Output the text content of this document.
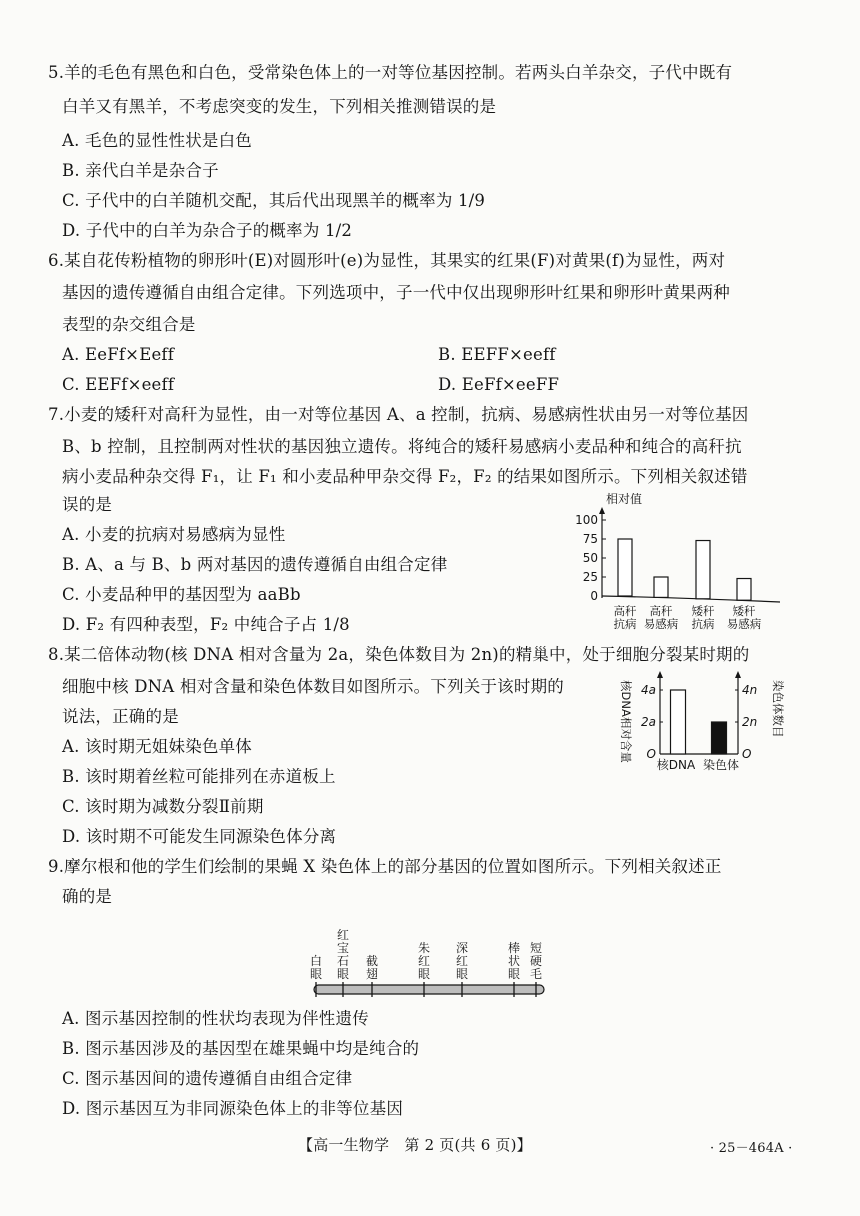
5.羊的毛色有黑色和白色，受常染色体上的一对等位基因控制。若两头白羊杂交，子代中既有
白羊又有黑羊，不考虑突变的发生，下列相关推测错误的是
A. 毛色的显性性状是白色
B. 亲代白羊是杂合子
C. 子代中的白羊随机交配，其后代出现黑羊的概率为 1/9
D. 子代中的白羊为杂合子的概率为 1/2
6.某自花传粉植物的卵形叶(E)对圆形叶(e)为显性，其果实的红果(F)对黄果(f)为显性，两对
基因的遗传遵循自由组合定律。下列选项中，子一代中仅出现卵形叶红果和卵形叶黄果两种
表型的杂交组合是
A. EeFf×Eeff	B. EEFF×eeff
C. EEFf×eeff	D. EeFf×eeFF
7.小麦的矮秆对高秆为显性，由一对等位基因 A、a 控制，抗病、易感病性状由另一对等位基因
B、b 控制，且控制两对性状的基因独立遗传。将纯合的矮秆易感病小麦品种和纯合的高秆抗
病小麦品种杂交得 F₁，让 F₁ 和小麦品种甲杂交得 F₂，F₂ 的结果如图所示。下列相关叙述错
误的是
A. 小麦的抗病对易感病为显性
B. A、a 与 B、b 两对基因的遗传遵循自由组合定律
C. 小麦品种甲的基因型为 aaBb
D. F₂ 有四种表型，F₂ 中纯合子占 1/8
相对值
100
75
50
25
0
高秆
抗病
高秆
易感病
矮秆
抗病
矮秆
易感病
8.某二倍体动物(核 DNA 相对含量为 2a，染色体数目为 2n)的精巢中，处于细胞分裂某时期的
细胞中核 DNA 相对含量和染色体数目如图所示。下列关于该时期的
说法，正确的是
A. 该时期无姐妹染色单体
B. 该时期着丝粒可能排列在赤道板上
C. 该时期为减数分裂Ⅱ前期
D. 该时期不可能发生同源染色体分离
核DNA相对含量	染色体数目
4a	4n
2a	2n
O	O
核DNA 染色体
9.摩尔根和他的学生们绘制的果蝇 X 染色体上的部分基因的位置如图所示。下列相关叙述正
确的是
白
眼
红
宝
石
眼
截
翅
朱
红
眼
深
红
眼
棒
状
眼
短
硬
毛
A. 图示基因控制的性状均表现为伴性遗传
B. 图示基因涉及的基因型在雄果蝇中均是纯合的
C. 图示基因间的遗传遵循自由组合定律
D. 图示基因互为非同源染色体上的非等位基因
【高一生物学　第 2 页(共 6 页)】	· 25－464A ·
